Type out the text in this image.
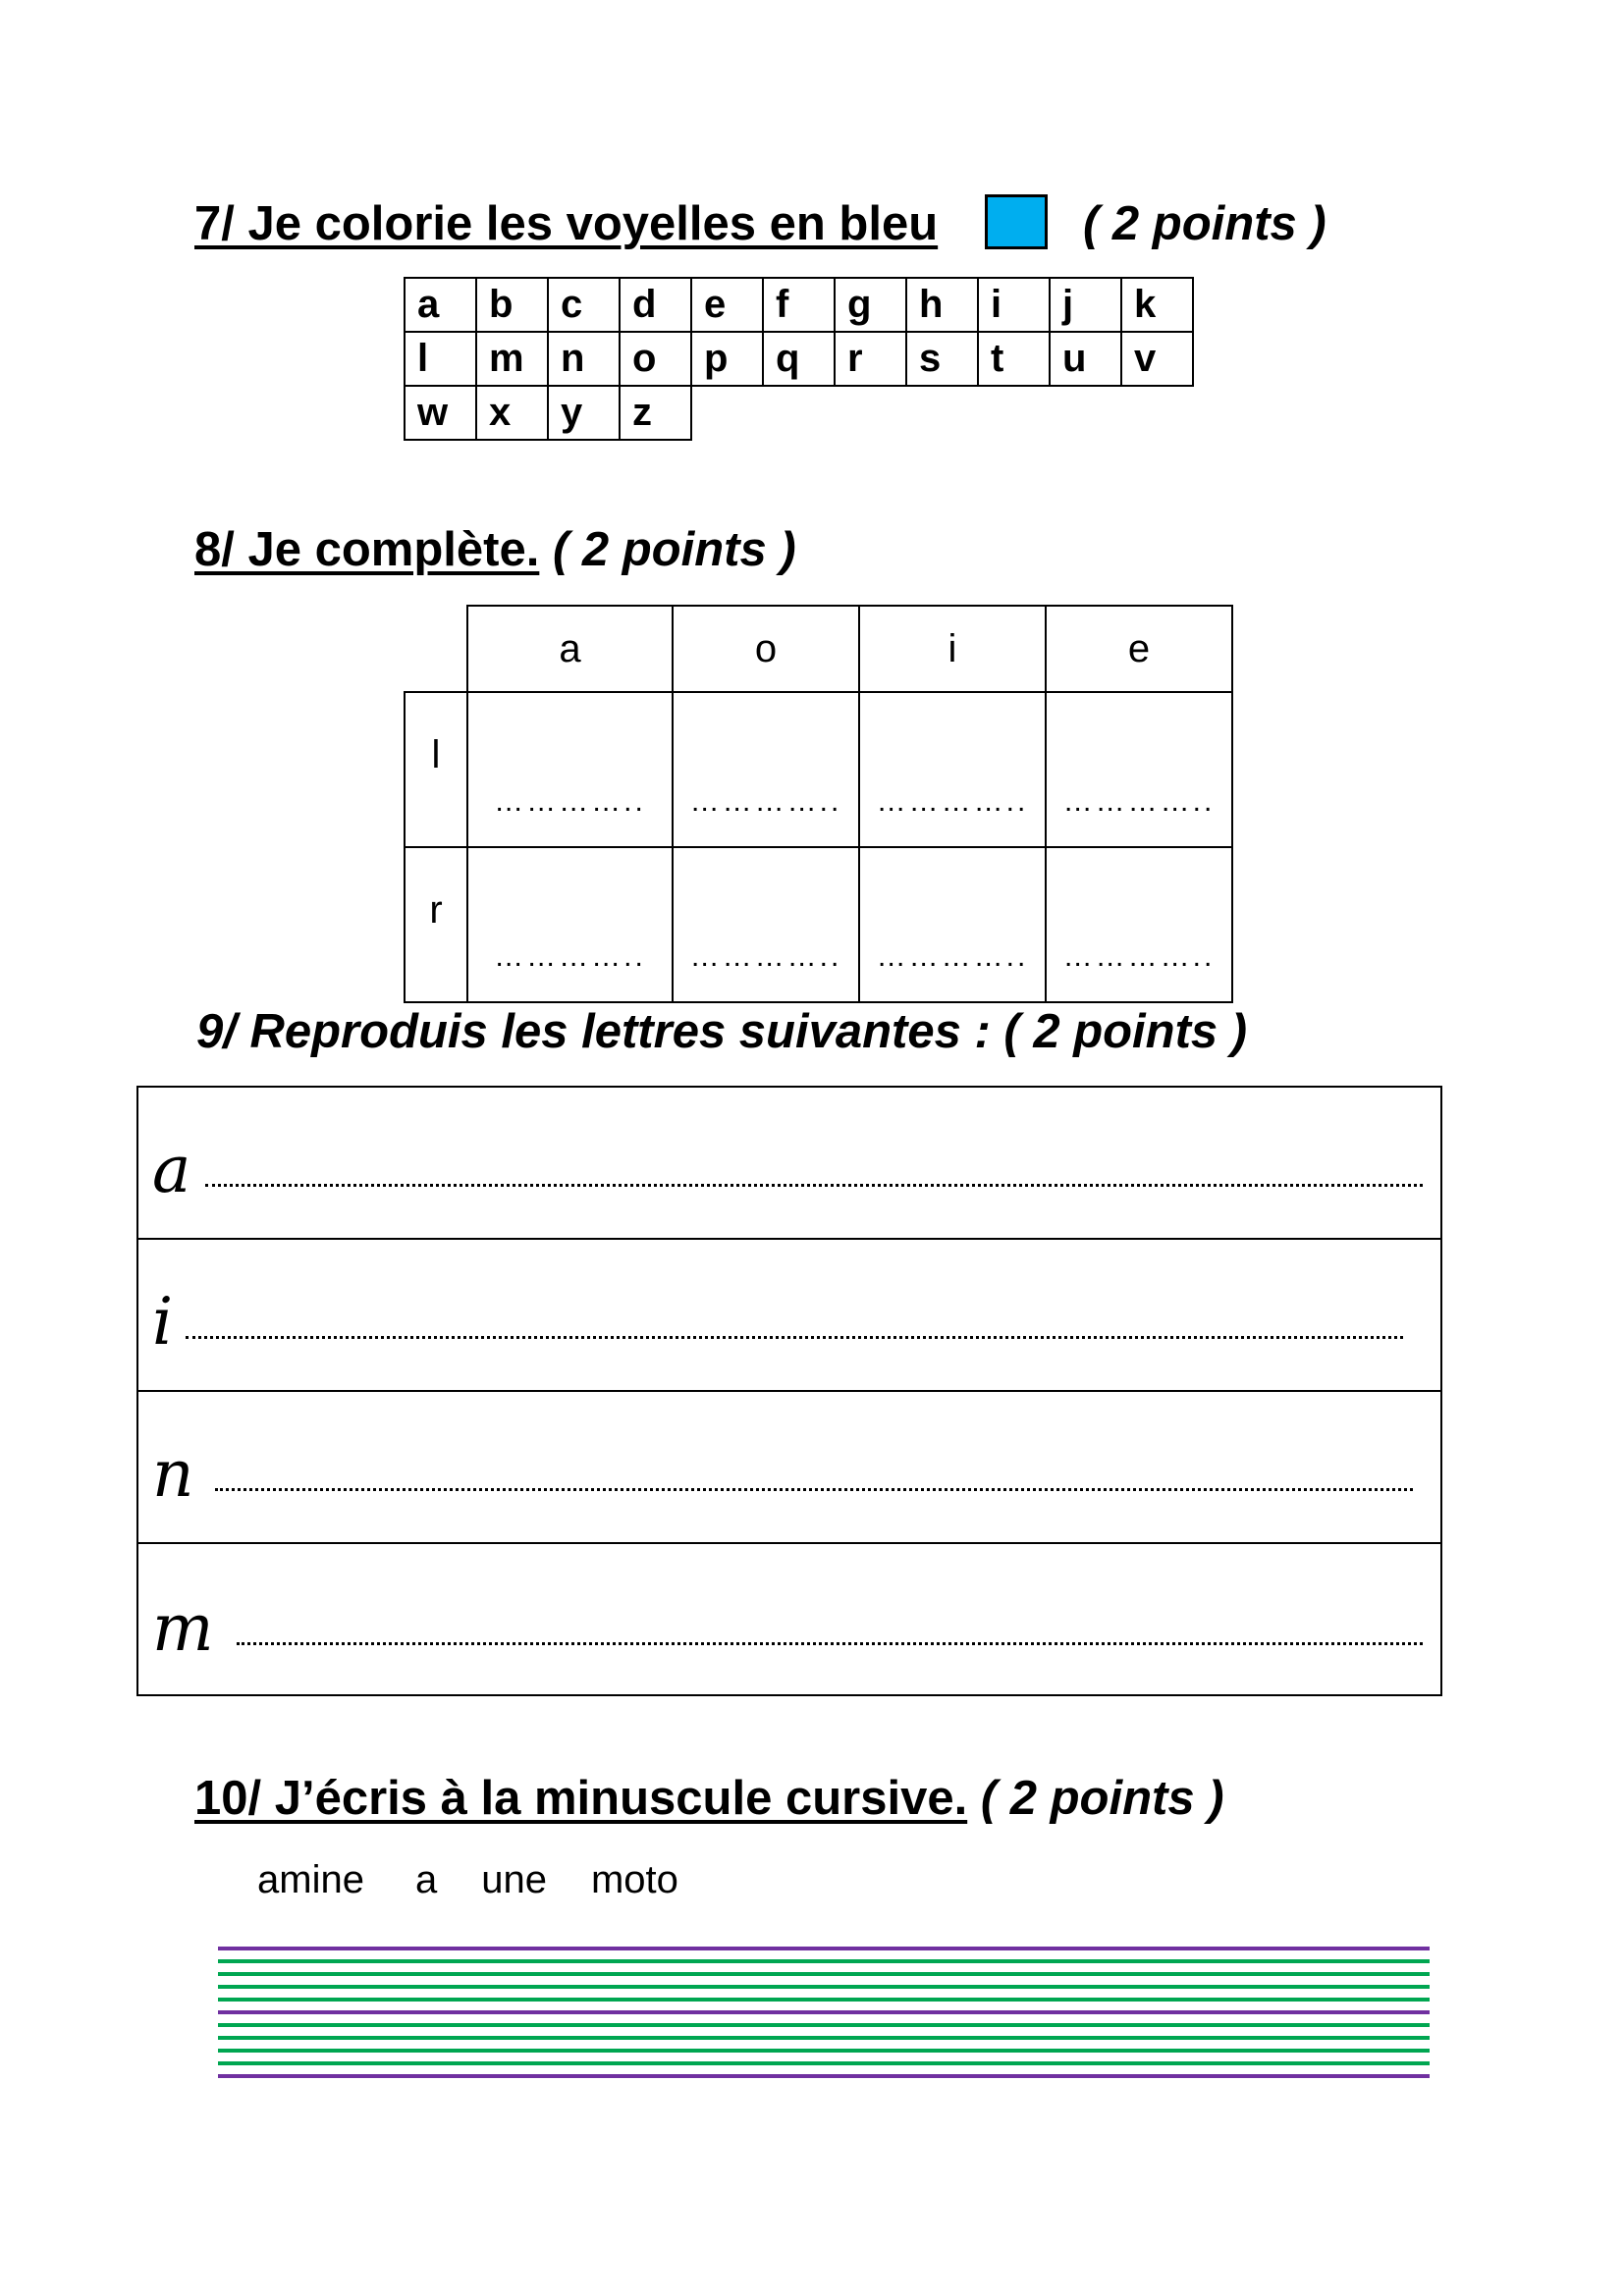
7/ Je colorie les voyelles en bleu	( 2 points )
a	b	c	d	e	f	g	h	i	j	k
l	m	n	o	p	q	r	s	t	u	v
w	x	y	z							
8/ Je complète. ( 2 points )
	a	o	i	e
l	…………..	…………..	…………..	…………..
r	…………..	…………..	…………..	…………..
9/ Reproduis les lettres suivantes : ( 2 points )
a
i
n
m
10/ J’écris à la minuscule cursive. ( 2 points )
amine a une moto
